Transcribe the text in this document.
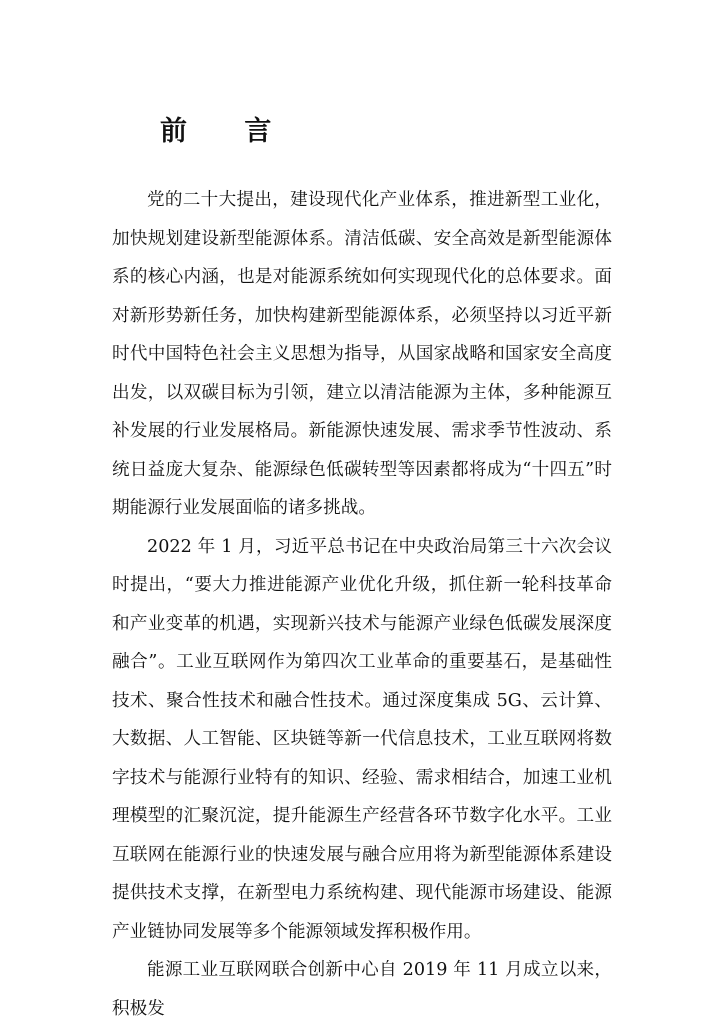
前 言

党的二十大提出，建设现代化产业体系，推进新型工业化，加快规划建设新型能源体系。清洁低碳、安全高效是新型能源体系的核心内涵，也是对能源系统如何实现现代化的总体要求。面对新形势新任务，加快构建新型能源体系，必须坚持以习近平新时代中国特色社会主义思想为指导，从国家战略和国家安全高度出发，以双碳目标为引领，建立以清洁能源为主体，多种能源互补发展的行业发展格局。新能源快速发展、需求季节性波动、系统日益庞大复杂、能源绿色低碳转型等因素都将成为“十四五”时期能源行业发展面临的诸多挑战。

2022 年 1 月，习近平总书记在中央政治局第三十六次会议时提出，“要大力推进能源产业优化升级，抓住新一轮科技革命和产业变革的机遇，实现新兴技术与能源产业绿色低碳发展深度融合”。工业互联网作为第四次工业革命的重要基石，是基础性技术、聚合性技术和融合性技术。通过深度集成 5G、云计算、大数据、人工智能、区块链等新一代信息技术，工业互联网将数字技术与能源行业特有的知识、经验、需求相结合，加速工业机理模型的汇聚沉淀，提升能源生产经营各环节数字化水平。工业互联网在能源行业的快速发展与融合应用将为新型能源体系建设提供技术支撑，在新型电力系统构建、现代能源市场建设、能源产业链协同发展等多个能源领域发挥积极作用。

能源工业互联网联合创新中心自 2019 年 11 月成立以来，积极发
